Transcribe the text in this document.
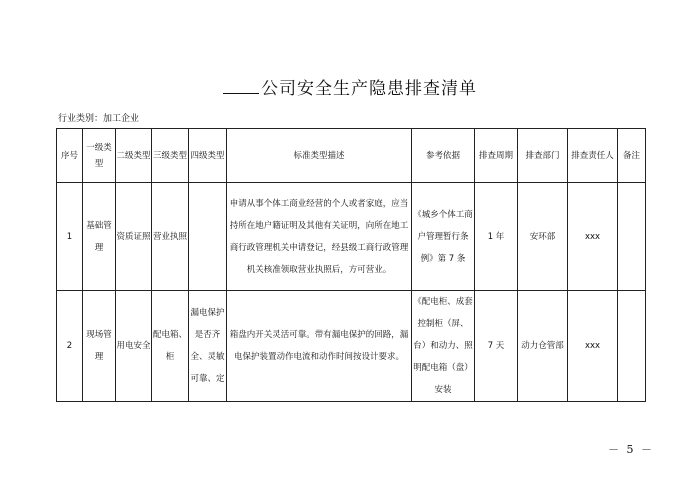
公司安全生产隐患排查清单
行业类别：加工企业
序号	一级类型	二级类型	三级类型	四级类型	标准类型描述	参考依据	排查周期	排查部门	排查责任人	备注
1	基础管理	资质证照	营业执照		申请从事个体工商业经营的个人或者家庭，应当持所在地户籍证明及其他有关证明，向所在地工商行政管理机关申请登记，经县级工商行政管理机关核准领取营业执照后，方可营业。	《城乡个体工商户管理暂行条例》第 7 条	1 年	安环部	xxx	
2	现场管理	用电安全	配电箱、柜	漏电保护是否齐全、灵敏可靠、定	箱盘内开关灵活可靠。带有漏电保护的回路，漏电保护装置动作电流和动作时间按设计要求。	《配电柜、成套控制柜（屏、台）和动力、照明配电箱（盘）安装	7 天	动力仓管部	xxx	
－ 5 －
